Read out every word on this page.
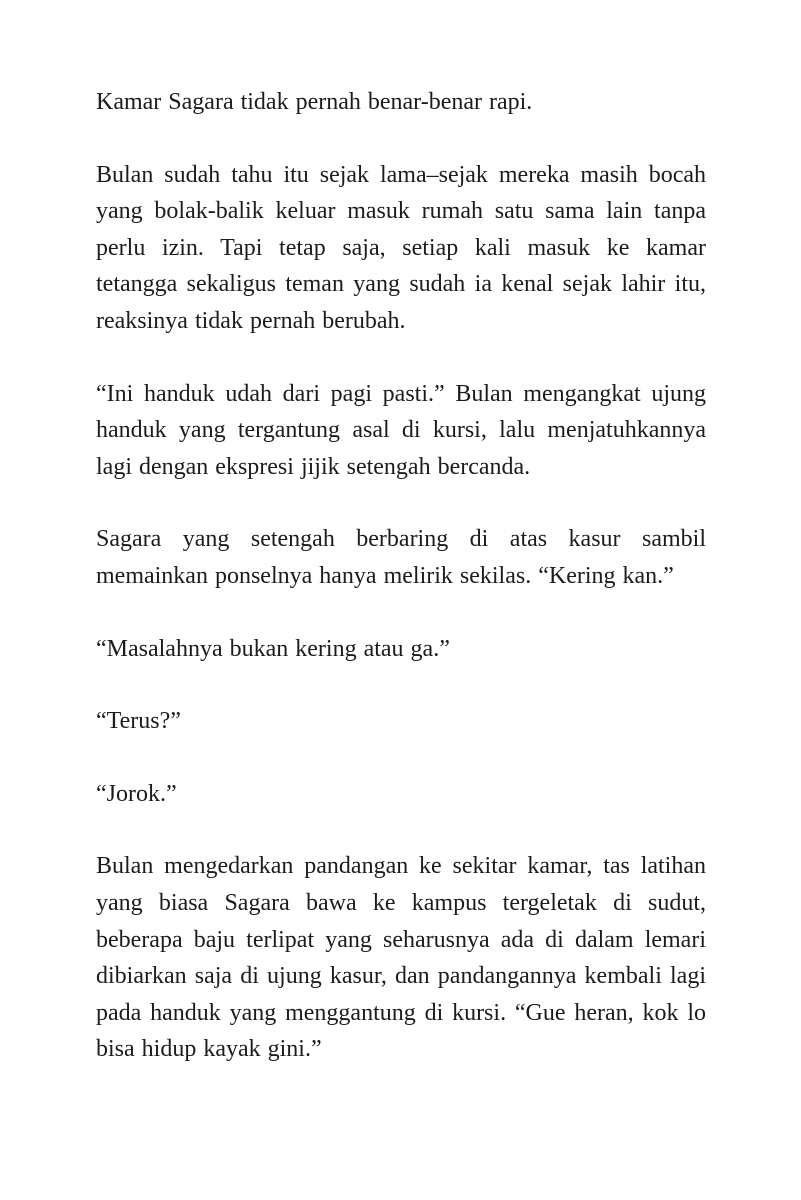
Kamar Sagara tidak pernah benar-benar rapi.

Bulan sudah tahu itu sejak lama–sejak mereka masih bocah yang bolak-balik keluar masuk rumah satu sama lain tanpa perlu izin. Tapi tetap saja, setiap kali masuk ke kamar tetangga sekaligus teman yang sudah ia kenal sejak lahir itu, reaksinya tidak pernah berubah.

“Ini handuk udah dari pagi pasti.” Bulan mengangkat ujung handuk yang tergantung asal di kursi, lalu menjatuhkannya lagi dengan ekspresi jijik setengah bercanda.

Sagara yang setengah berbaring di atas kasur sambil memainkan ponselnya hanya melirik sekilas. “Kering kan.”

“Masalahnya bukan kering atau ga.”

“Terus?”

“Jorok.”

Bulan mengedarkan pandangan ke sekitar kamar, tas latihan yang biasa Sagara bawa ke kampus tergeletak di sudut, beberapa baju terlipat yang seharusnya ada di dalam lemari dibiarkan saja di ujung kasur, dan pandangannya kembali lagi pada handuk yang menggantung di kursi. “Gue heran, kok lo bisa hidup kayak gini.”
